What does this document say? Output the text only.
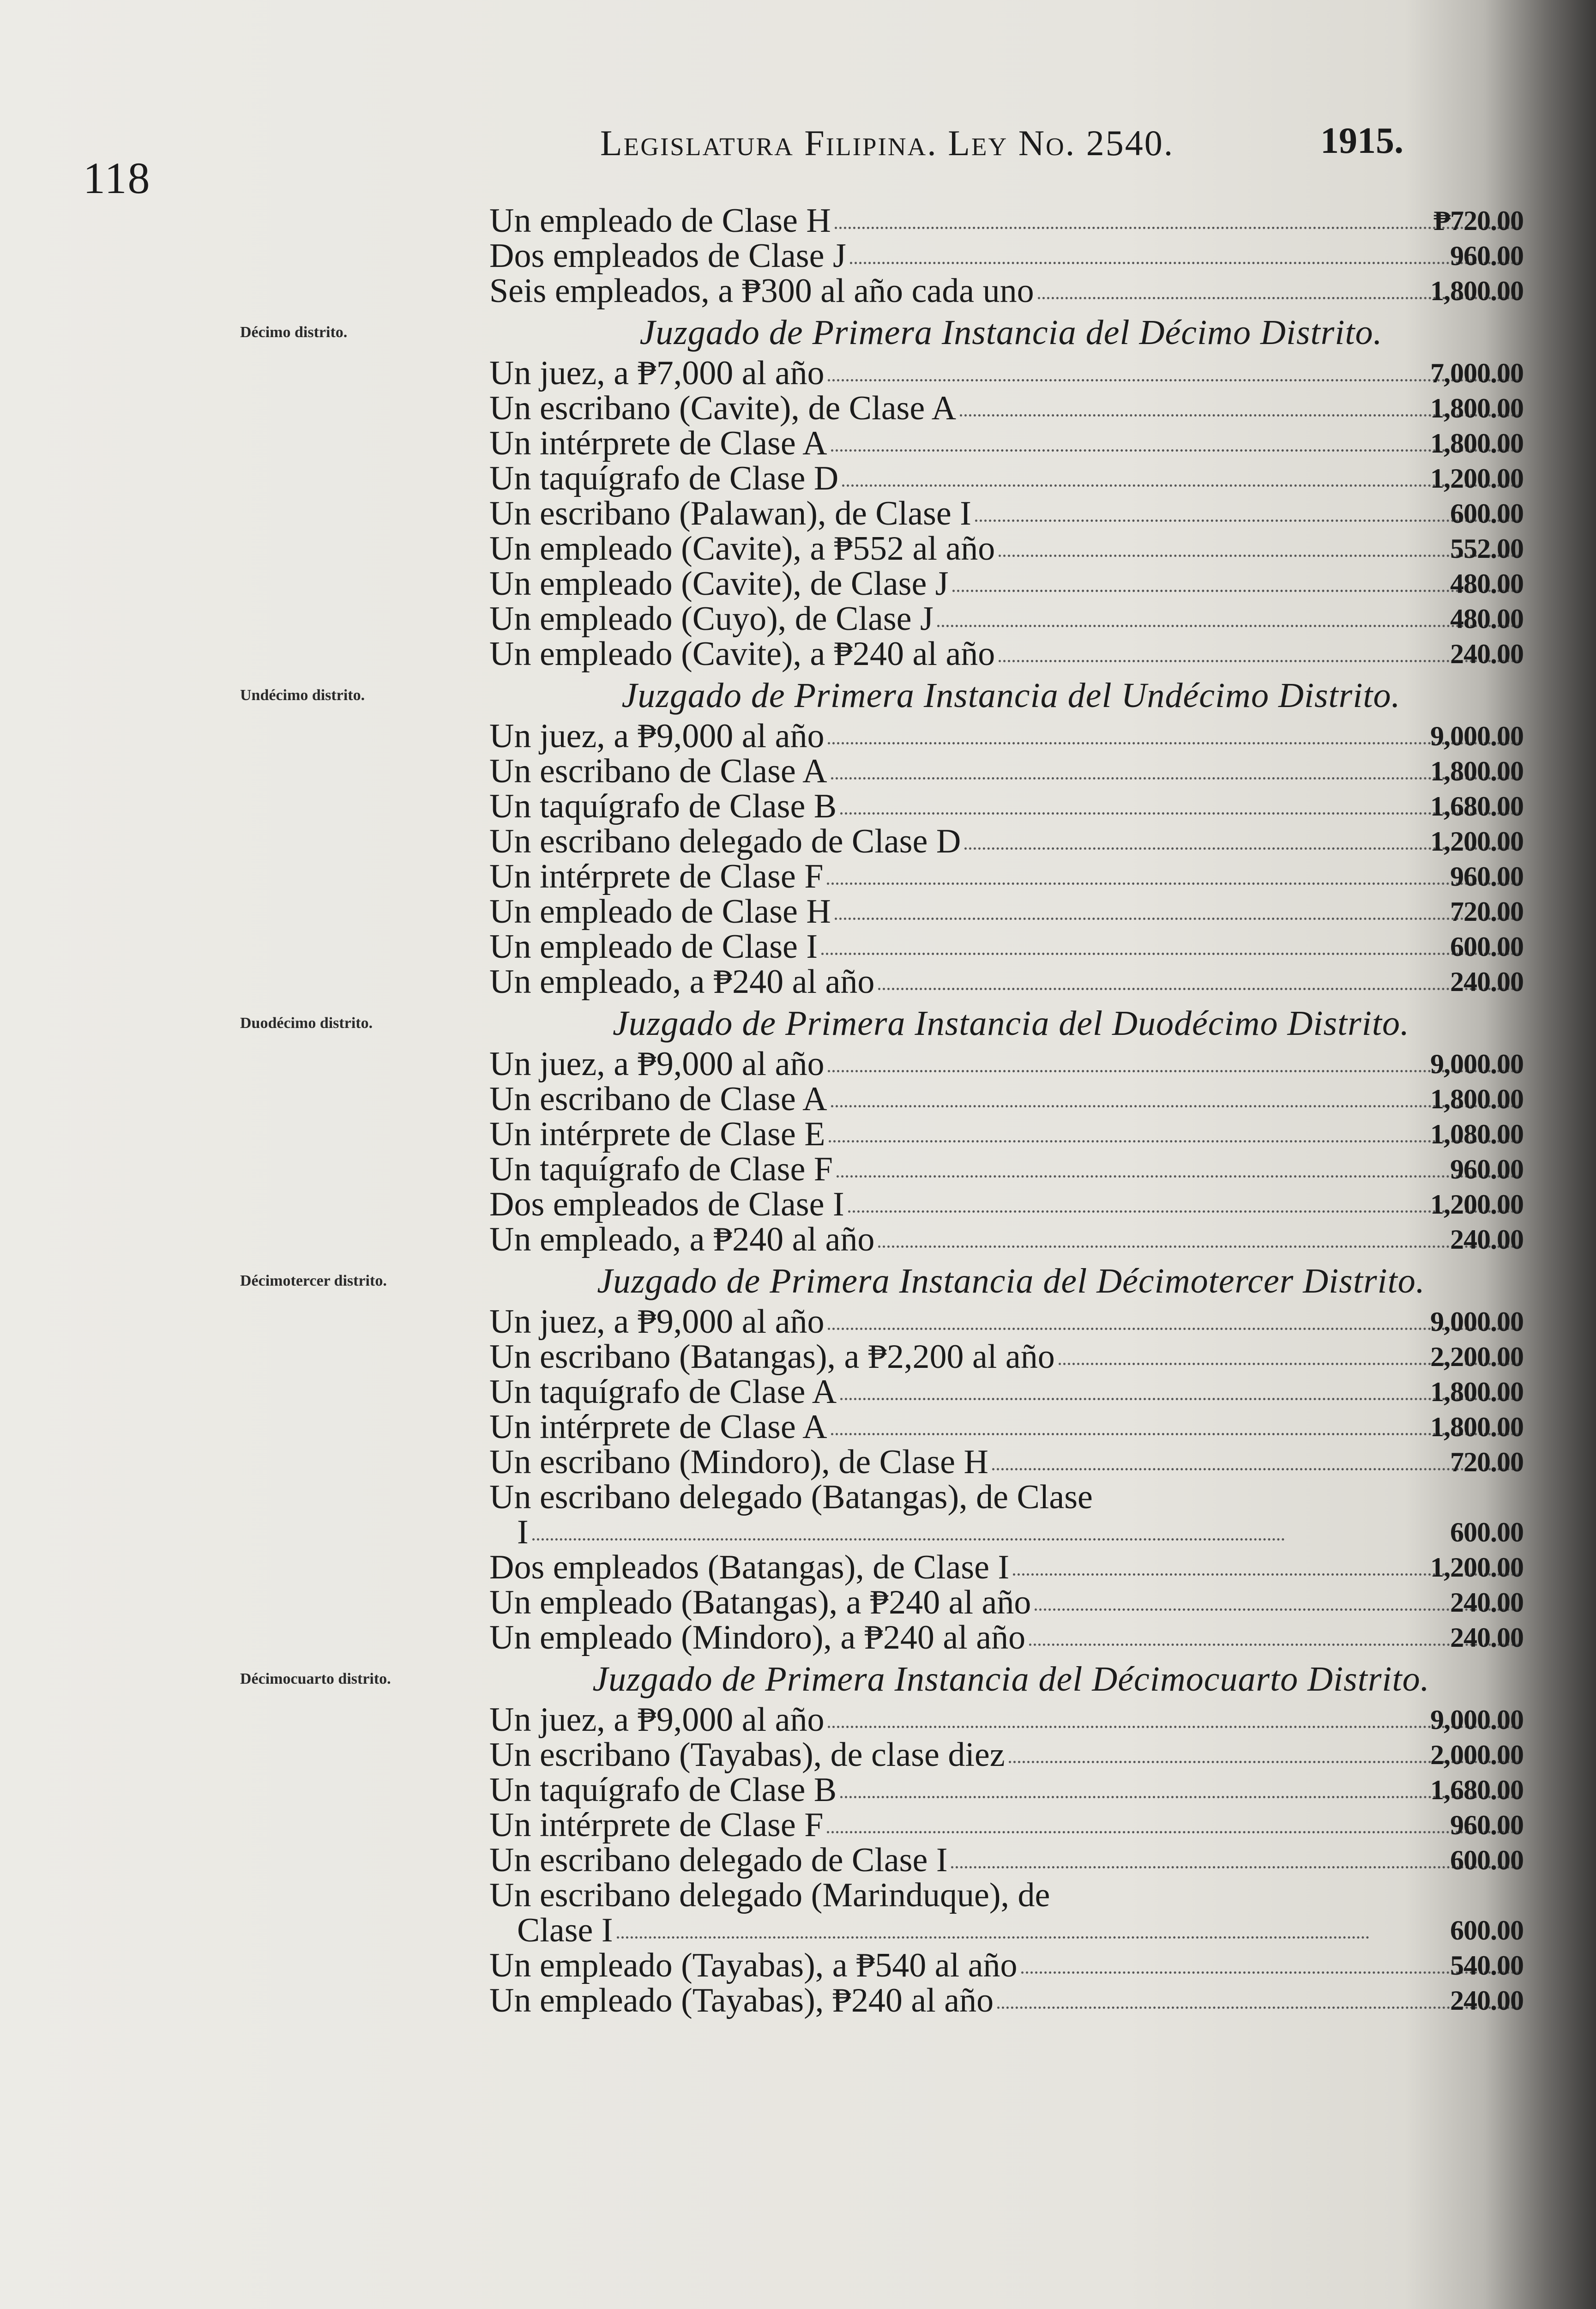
118
Legislatura Filipina. Ley No. 2540.	1915.
Un empleado de Clase H	₱720.00
Dos empleados de Clase J	960.00
Seis empleados, a ₱300 al año cada uno	1,800.00
Décimo distrito.	Juzgado de Primera Instancia del Décimo Distrito.
Un juez, a ₱7,000 al año	7,000.00
Un escribano (Cavite), de Clase A	1,800.00
Un intérprete de Clase A	1,800.00
Un taquígrafo de Clase D	1,200.00
Un escribano (Palawan), de Clase I	600.00
Un empleado (Cavite), a ₱552 al año	552.00
Un empleado (Cavite), de Clase J	480.00
Un empleado (Cuyo), de Clase J	480.00
Un empleado (Cavite), a ₱240 al año	240.00
Undécimo distrito.	Juzgado de Primera Instancia del Undécimo Distrito.
Un juez, a ₱9,000 al año	9,000.00
Un escribano de Clase A	1,800.00
Un taquígrafo de Clase B	1,680.00
Un escribano delegado de Clase D	1,200.00
Un intérprete de Clase F	960.00
Un empleado de Clase H	720.00
Un empleado de Clase I	600.00
Un empleado, a ₱240 al año	240.00
Duodécimo distrito.	Juzgado de Primera Instancia del Duodécimo Distrito.
Un juez, a ₱9,000 al año	9,000.00
Un escribano de Clase A	1,800.00
Un intérprete de Clase E	1,080.00
Un taquígrafo de Clase F	960.00
Dos empleados de Clase I	1,200.00
Un empleado, a ₱240 al año	240.00
Décimotercer distrito.	Juzgado de Primera Instancia del Décimotercer Distrito.
Un juez, a ₱9,000 al año	9,000.00
Un escribano (Batangas), a ₱2,200 al año	2,200.00
Un taquígrafo de Clase A	1,800.00
Un intérprete de Clase A	1,800.00
Un escribano (Mindoro), de Clase H	720.00
Un escribano delegado (Batangas), de Clase
I	600.00
Dos empleados (Batangas), de Clase I	1,200.00
Un empleado (Batangas), a ₱240 al año	240.00
Un empleado (Mindoro), a ₱240 al año	240.00
Décimocuarto distrito.	Juzgado de Primera Instancia del Décimocuarto Distrito.
Un juez, a ₱9,000 al año	9,000.00
Un escribano (Tayabas), de clase diez	2,000.00
Un taquígrafo de Clase B	1,680.00
Un intérprete de Clase F	960.00
Un escribano delegado de Clase I	600.00
Un escribano delegado (Marinduque), de
Clase I	600.00
Un empleado (Tayabas), a ₱540 al año	540.00
Un empleado (Tayabas), ₱240 al año	240.00
